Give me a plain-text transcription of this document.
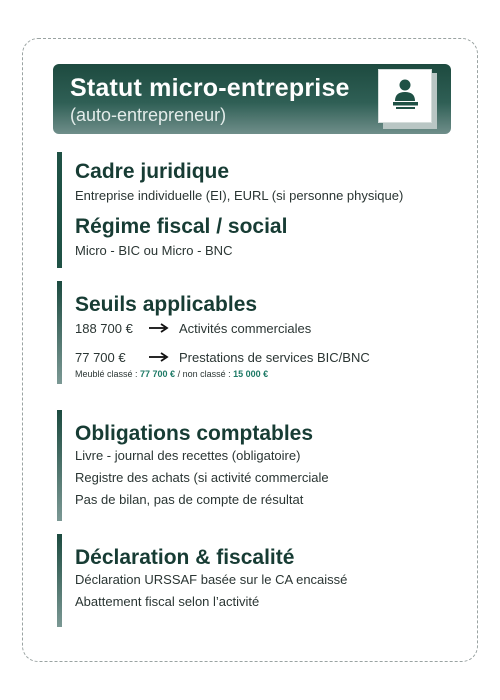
Statut micro-entreprise
(auto-entrepreneur)
Cadre juridique
Entreprise individuelle (EI), EURL (si personne physique)
Régime fiscal / social
Micro - BIC ou Micro - BNC
Seuils applicables
188 700 €	Activités commerciales
77 700 €	Prestations de services BIC/BNC
Meublé classé : 77 700 € / non classé : 15 000 €
Obligations comptables
Livre - journal des recettes (obligatoire)
Registre des achats (si activité commerciale
Pas de bilan, pas de compte de résultat
Déclaration & fiscalité
Déclaration URSSAF basée sur le CA encaissé
Abattement fiscal selon l’activité
